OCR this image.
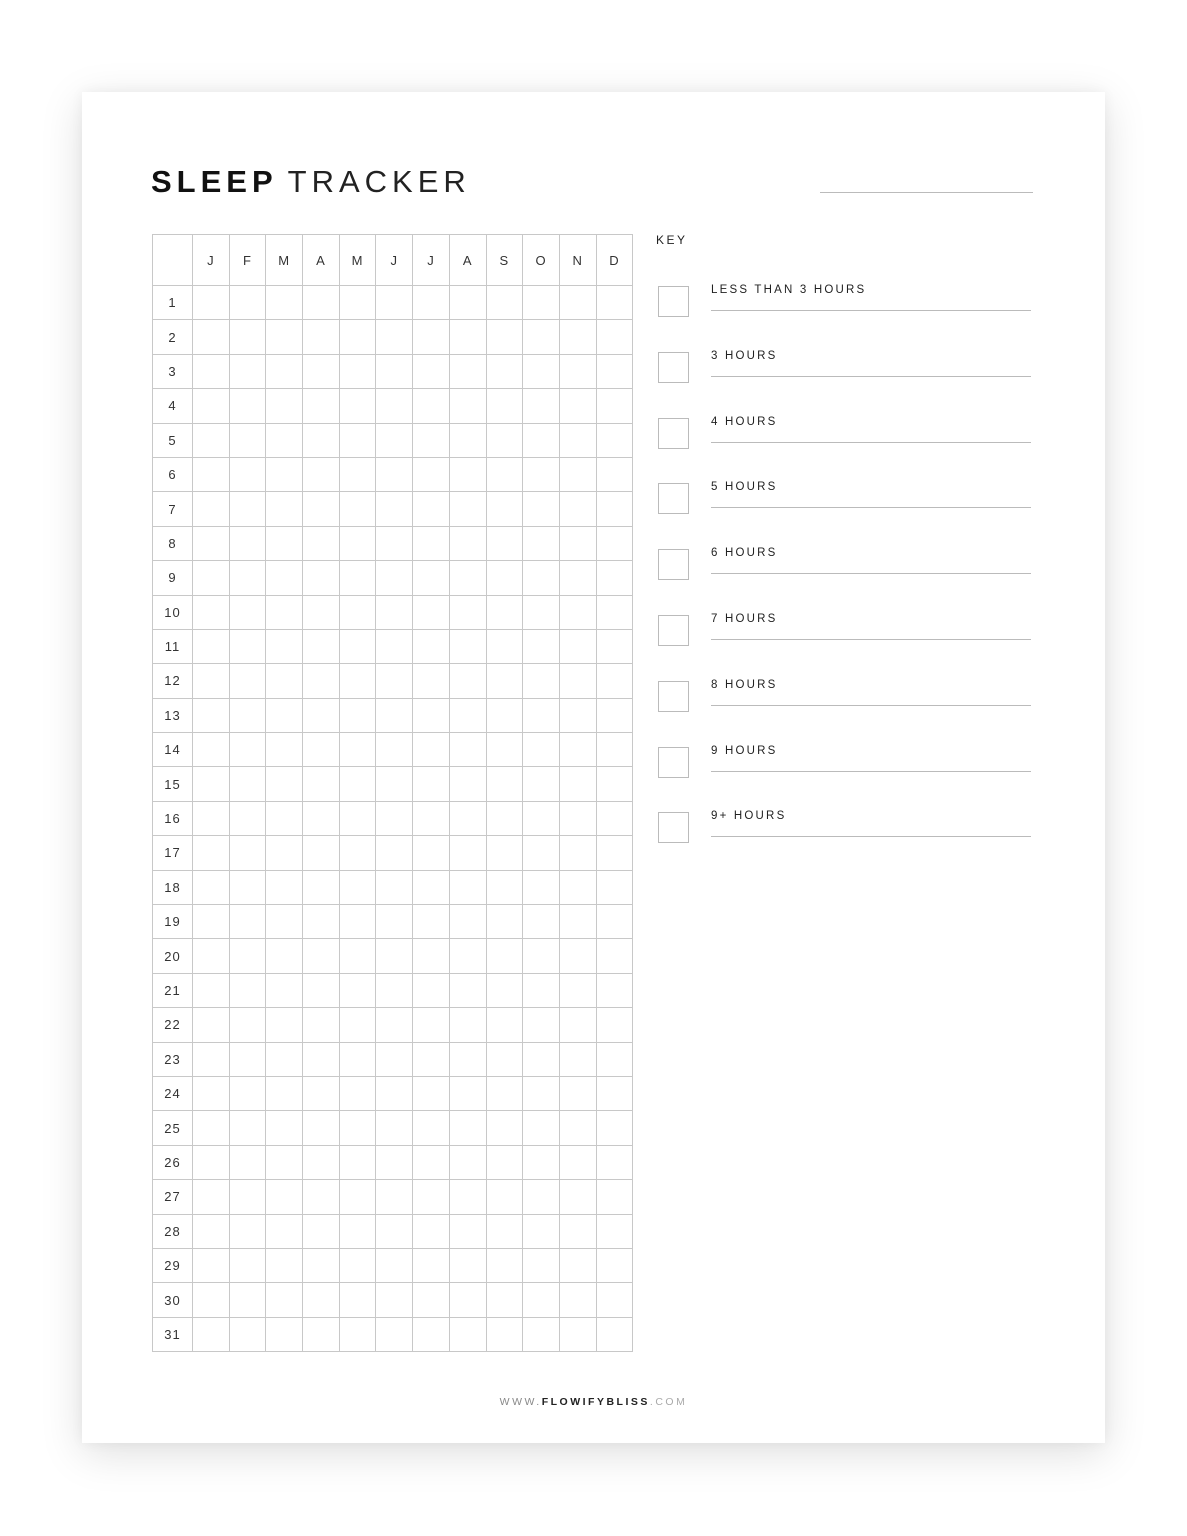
SLEEP TRACKER
	J	F	M	A	M	J	J	A	S	O	N	D
1												
2												
3												
4												
5												
6												
7												
8												
9												
10												
11												
12												
13												
14												
15												
16												
17												
18												
19												
20												
21												
22												
23												
24												
25												
26												
27												
28												
29												
30												
31												
KEY
LESS THAN 3 HOURS
3 HOURS
4 HOURS
5 HOURS
6 HOURS
7 HOURS
8 HOURS
9 HOURS
9+ HOURS
WWW.FLOWIFYBLISS.COM
